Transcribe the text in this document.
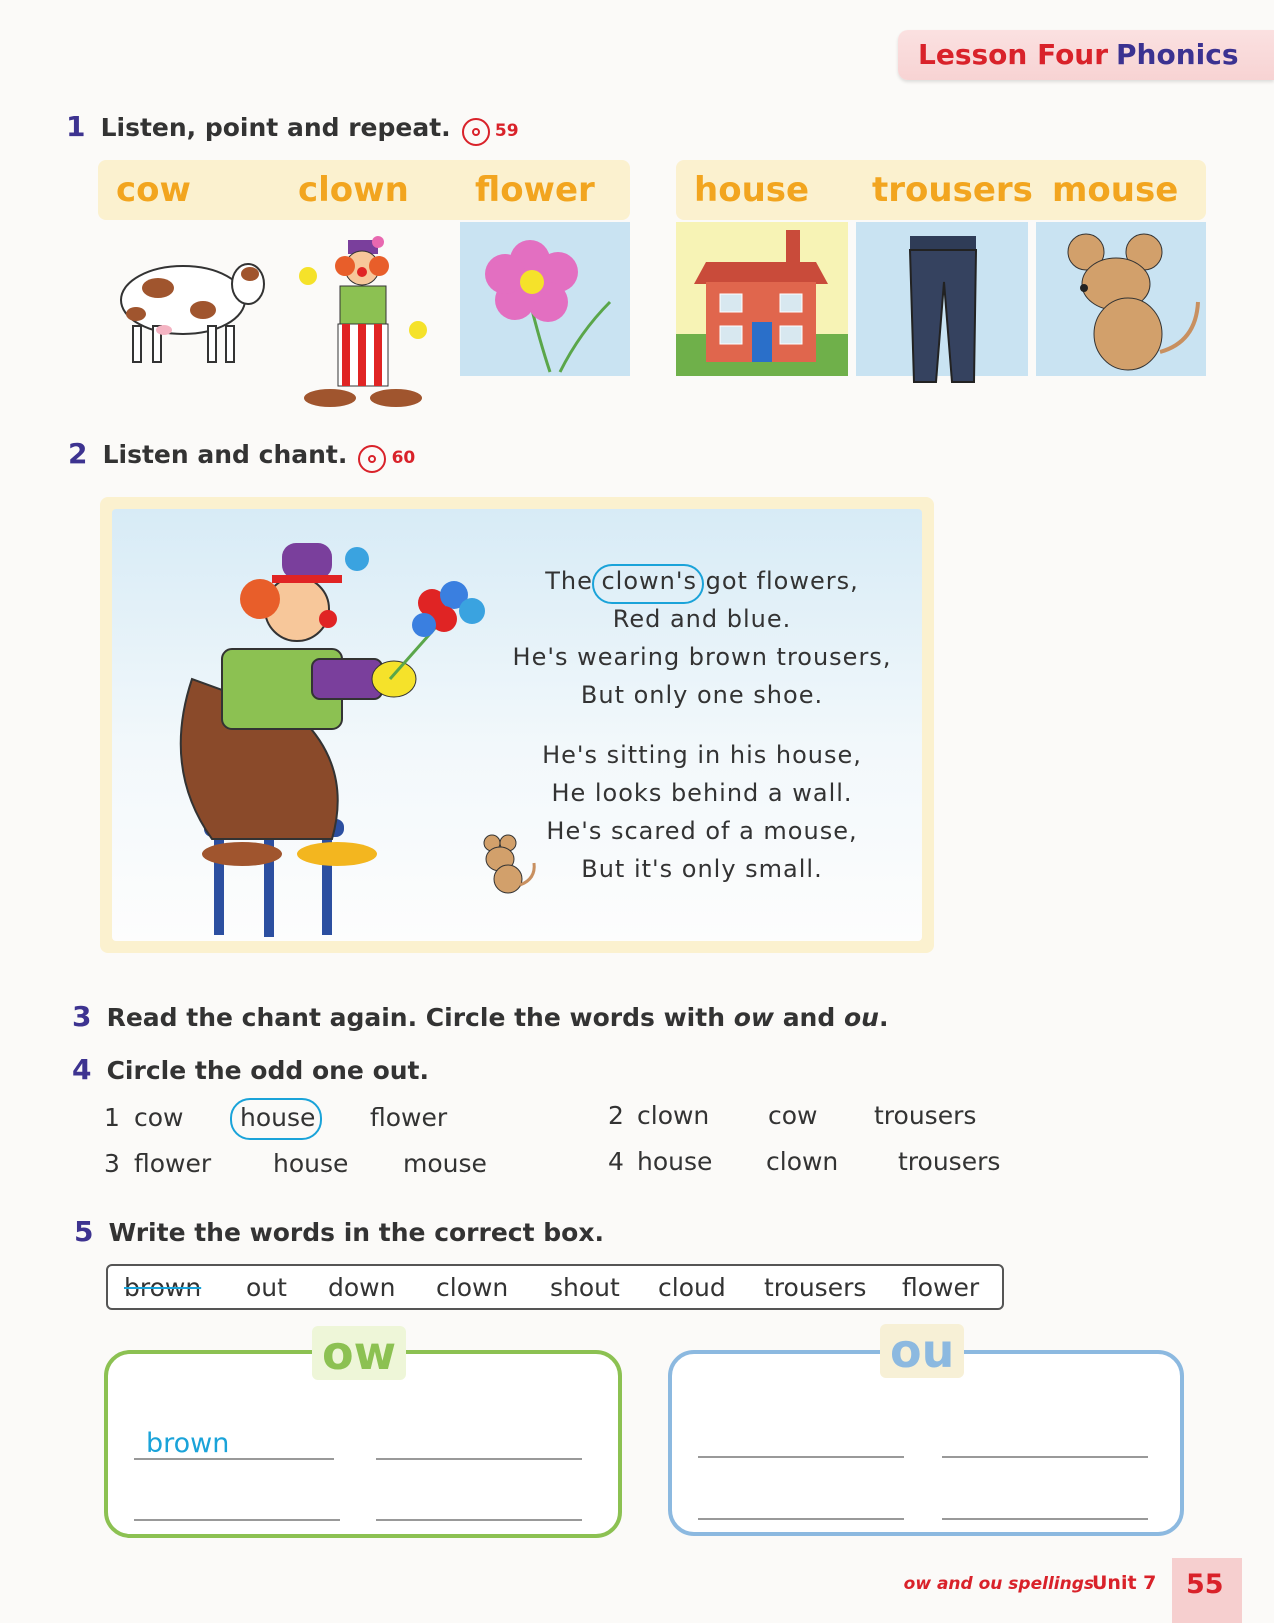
Lesson Four Phonics
1 Listen, point and repeat.	59
cow	clown flower	house trousers mouse
2 Listen and chant.	60
The clown's got flowers,
Red and blue.
He's wearing brown trousers,
But only one shoe.
He's sitting in his house,
He looks behind a wall.
He's scared of a mouse,
But it's only small.
3 Read the chant again. Circle the words with ow and ou.
4 Circle the odd one out.
1 cow house flower	2 clown cow trousers
3 flower house mouse	4 house clown trousers
5 Write the words in the correct box.
brown out down clown shout cloud trousers flower
ow
brown
ou
ow and ou spellings
Unit 7 55
